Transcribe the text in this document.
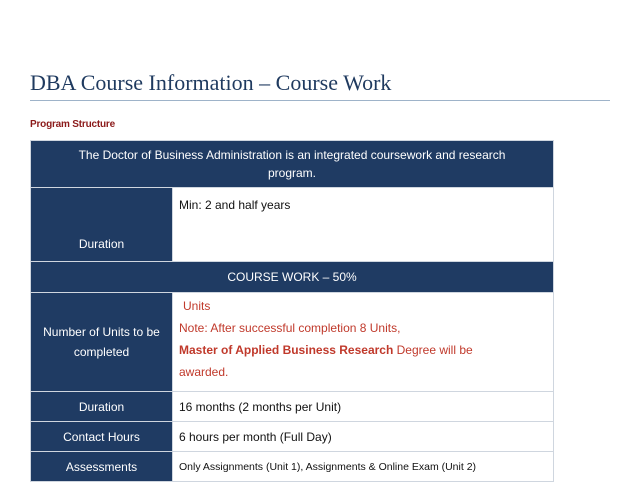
DBA Course Information – Course Work
Program Structure
The Doctor of Business Administration is an integrated coursework and research program.	
Duration	Min: 2 and half years
COURSE WORK – 50%	
Number of Units to be completed	Units
Note: After successful completion 8 Units,
Master of Applied Business Research Degree will be
awarded.

Duration	16 months (2 months per Unit)
Contact Hours	6 hours per month (Full Day)
Assessments	Only Assignments (Unit 1), Assignments & Online Exam (Unit 2)
